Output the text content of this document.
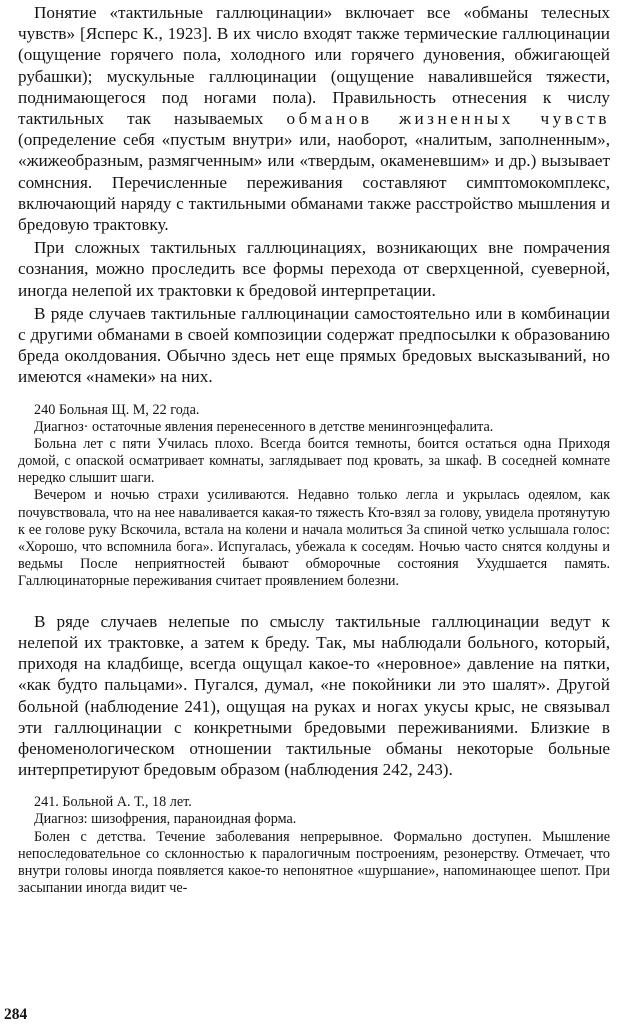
Понятие «тактильные галлюцинации» включает все «обманы телесных чувств» [Ясперс К., 1923]. В их число входят также термические галлюцинации (ощущение горячего пола, холодного или горячего дуновения, обжигающей рубашки); мускульные галлюцинации (ощущение навалившейся тяжести, поднимающегося под ногами пола). Правильность отнесения к числу тактильных так называемых обманов жизненных чувств (определение себя «пустым внутри» или, наоборот, «налитым, заполненным», «жижеобразным, размягченным» или «твердым, окаменевшим» и др.) вызывает сомнсния. Перечисленные переживания составляют симптомокомплекс, включающий наряду с тактильными обманами также расстройство мышления и бредовую трактовку.

При сложных тактильных галлюцинациях, возникающих вне помрачения сознания, можно проследить все формы перехода от сверхценной, суеверной, иногда нелепой их трактовки к бредовой интерпретации.

В ряде случаев тактильные галлюцинации самостоятельно или в комбинации с другими обманами в своей композиции содержат предпосылки к образованию бреда околдования. Обычно здесь нет еще прямых бредовых высказываний, но имеются «намеки» на них.

240 Больная Щ. М, 22 года.

Диагноз· остаточные явления перенесенного в детстве менингоэнцефалита.

Больна лет с пяти Училась плохо. Всегда боится темноты, боится остаться одна Приходя домой, с опаской осматривает комнаты, заглядывает под кровать, за шкаф. В соседней комнате нередко слышит шаги.

Вечером и ночью страхи усиливаются. Недавно только легла и укрылась одеялом, как почувствовала, что на нее наваливается какая-то тяжесть Кто-взял за голову, увидела протянутую к ее голове руку Вскочила, встала на колени и начала молиться За спиной четко услышала голос: «Хорошо, что вспомнила бога». Испугалась, убежала к соседям. Ночью часто снятся колдуны и ведьмы После неприятностей бывают обморочные состояния Ухудшается память. Галлюцинаторные переживания считает проявлением болезни.

В ряде случаев нелепые по смыслу тактильные галлюцинации ведут к нелепой их трактовке, а затем к бреду. Так, мы наблюдали больного, который, приходя на кладбище, всегда ощущал какое-то «неровное» давление на пятки, «как будто пальцами». Пугался, думал, «не покойники ли это шалят». Другой больной (наблюдение 241), ощущая на руках и ногах укусы крыс, не связывал эти галлюцинации с конкретными бредовыми переживаниями. Близкие в феноменологическом отношении тактильные обманы некоторые больные интерпретируют бредовым образом (наблюдения 242, 243).

241. Больной А. Т., 18 лет.

Диагноз: шизофрения, параноидная форма.

Болен с детства. Течение заболевания непрерывное. Формально доступен. Мышление непоследовательное со склонностью к паралогичным построениям, резонерству. Отмечает, что внутри головы иногда появляется какое-то непонятное «шуршание», напоминающее шепот. При засыпании иногда видит че-

284
